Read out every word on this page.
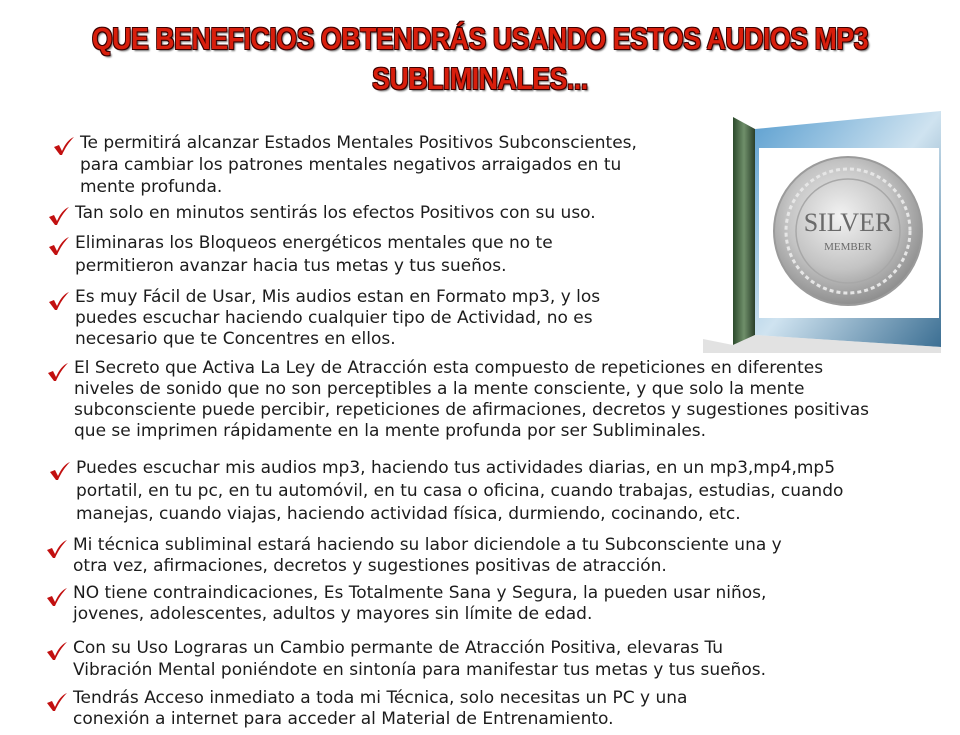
QUE BENEFICIOS OBTENDRÁS USANDO ESTOS AUDIOS MP3
SUBLIMINALES...
SILVER
MEMBER
Te permitirá alcanzar Estados Mentales Positivos Subconscientes,
para cambiar los patrones mentales negativos arraigados en tu
mente profunda.
Tan solo en minutos sentirás los efectos Positivos con su uso.
Eliminaras los Bloqueos energéticos mentales que no te
permitieron avanzar hacia tus metas y tus sueños.
Es muy Fácil de Usar, Mis audios estan en Formato mp3, y los
puedes escuchar haciendo cualquier tipo de Actividad, no es
necesario que te Concentres en ellos.
El Secreto que Activa La Ley de Atracción esta compuesto de repeticiones en diferentes
niveles de sonido que no son perceptibles a la mente consciente, y que solo la mente
subconsciente puede percibir, repeticiones de afirmaciones, decretos y sugestiones positivas
que se imprimen rápidamente en la mente profunda por ser Subliminales.
Puedes escuchar mis audios mp3, haciendo tus actividades diarias, en un mp3,mp4,mp5
portatil, en tu pc, en tu automóvil, en tu casa o oficina, cuando trabajas, estudias, cuando
manejas, cuando viajas, haciendo actividad física, durmiendo, cocinando, etc.
Mi técnica subliminal estará haciendo su labor diciendole a tu Subconsciente una y
otra vez, afirmaciones, decretos y sugestiones positivas de atracción.
NO tiene contraindicaciones, Es Totalmente Sana y Segura, la pueden usar niños,
jovenes, adolescentes, adultos y mayores sin límite de edad.
Con su Uso Lograras un Cambio permante de Atracción Positiva, elevaras Tu
Vibración Mental poniéndote en sintonía para manifestar tus metas y tus sueños.
Tendrás Acceso inmediato a toda mi Técnica, solo necesitas un PC y una
conexión a internet para acceder al Material de Entrenamiento.
